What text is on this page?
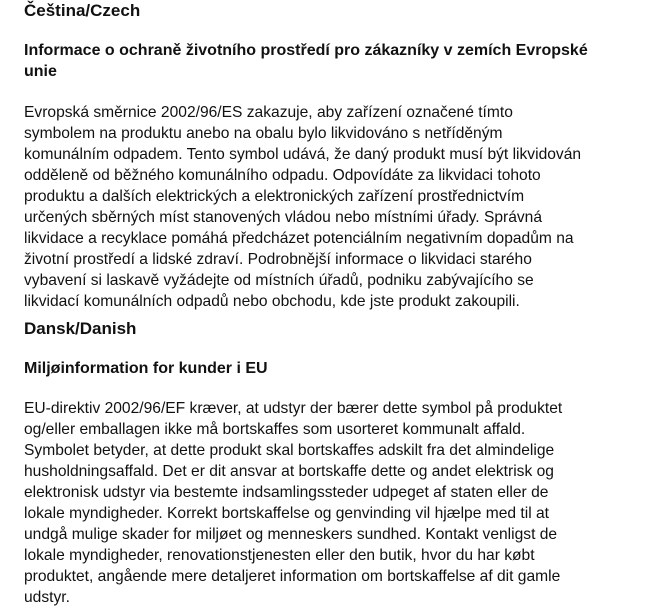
Čeština/Czech
Informace o ochraně životního prostředí pro zákazníky v zemích Evropské
unie

Evropská směrnice 2002/96/ES zakazuje, aby zařízení označené tímto
symbolem na produktu anebo na obalu bylo likvidováno s netříděným
komunálním odpadem. Tento symbol udává, že daný produkt musí být likvidován
odděleně od běžného komunálního odpadu. Odpovídáte za likvidaci tohoto
produktu a dalších elektrických a elektronických zařízení prostřednictvím
určených sběrných míst stanovených vládou nebo místními úřady. Správná
likvidace a recyklace pomáhá předcházet potenciálním negativním dopadům na
životní prostředí a lidské zdraví. Podrobnější informace o likvidaci starého
vybavení si laskavě vyžádejte od místních úřadů, podniku zabývajícího se
likvidací komunálních odpadů nebo obchodu, kde jste produkt zakoupili.

Dansk/Danish
Miljøinformation for kunder i EU

EU-direktiv 2002/96/EF kræver, at udstyr der bærer dette symbol på produktet
og/eller emballagen ikke må bortskaffes som usorteret kommunalt affald.
Symbolet betyder, at dette produkt skal bortskaffes adskilt fra det almindelige
husholdningsaffald. Det er dit ansvar at bortskaffe dette og andet elektrisk og
elektronisk udstyr via bestemte indsamlingssteder udpeget af staten eller de
lokale myndigheder. Korrekt bortskaffelse og genvinding vil hjælpe med til at
undgå mulige skader for miljøet og menneskers sundhed. Kontakt venligst de
lokale myndigheder, renovationstjenesten eller den butik, hvor du har købt
produktet, angående mere detaljeret information om bortskaffelse af dit gamle
udstyr.
